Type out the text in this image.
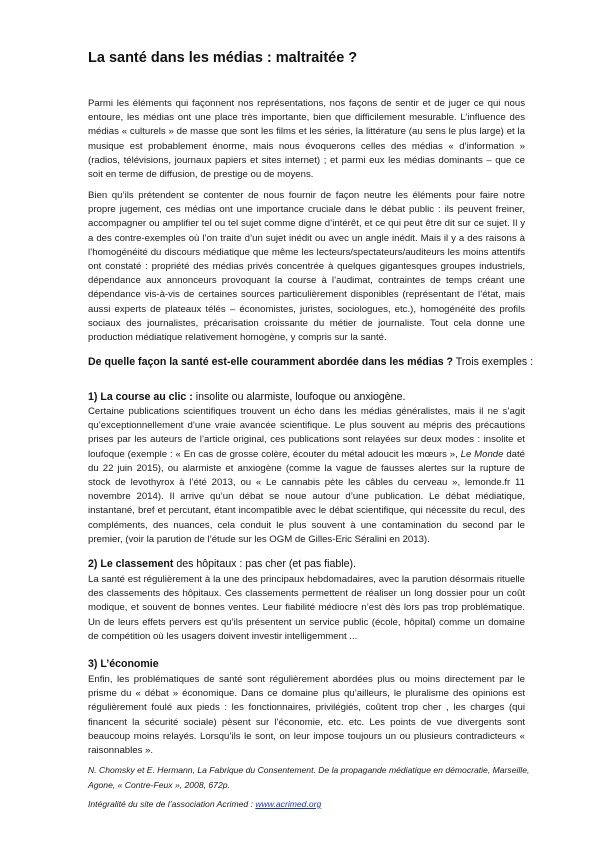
La santé dans les médias : maltraitée ?

Parmi les éléments qui façonnent nos représentations, nos façons de sentir et de juger ce qui nous entoure, les médias ont une place très importante, bien que difficilement mesurable. L’influence des médias « culturels » de masse que sont les films et les séries, la littérature (au sens le plus large) et la musique est probablement énorme, mais nous évoquerons celles des médias « d’information » (radios, télévisions, journaux papiers et sites internet) ; et parmi eux les médias dominants – que ce soit en terme de diffusion, de prestige ou de moyens.

Bien qu’ils prétendent se contenter de nous fournir de façon neutre les éléments pour faire notre propre jugement, ces médias ont une importance cruciale dans le débat public : ils peuvent freiner, accompagner ou amplifier tel ou tel sujet comme digne d’intérêt, et ce qui peut être dit sur ce sujet. Il y a des contre-exemples où l’on traite d’un sujet inédit ou avec un angle inédit. Mais il y a des raisons à l’homogénéité du discours médiatique que même les lecteurs/spectateurs/auditeurs les moins attentifs ont constaté : propriété des médias privés concentrée à quelques gigantesques groupes industriels, dépendance aux annonceurs provoquant la course à l’audimat, contraintes de temps créant une dépendance vis-à-vis de certaines sources particulièrement disponibles (représentant de l’état, mais aussi experts de plateaux télés – économistes, juristes, sociologues, etc.), homogénéité des profils sociaux des journalistes, précarisation croissante du métier de journaliste. Tout cela donne une production médiatique relativement homogène, y compris sur la santé.

De quelle façon la santé est-elle couramment abordée dans les médias ? Trois exemples :

1) La course au clic : insolite ou alarmiste, loufoque ou anxiogène.

Certaine publications scientifiques trouvent un écho dans les médias généralistes, mais il ne s’agit qu’exceptionnellement d’une vraie avancée scientifique. Le plus souvent au mépris des précautions prises par les auteurs de l’article original, ces publications sont relayées sur deux modes : insolite et loufoque (exemple : « En cas de grosse colère, écouter du métal adoucit les mœurs », Le Monde daté du 22 juin 2015), ou alarmiste et anxiogène (comme la vague de fausses alertes sur la rupture de stock de levothyrox à l’été 2013, ou « Le cannabis pète les câbles du cerveau », lemonde.fr 11 novembre 2014). Il arrive qu’un débat se noue autour d’une publication. Le débat médiatique, instantané, bref et percutant, étant incompatible avec le débat scientifique, qui nécessite du recul, des compléments, des nuances, cela conduit le plus souvent à une contamination du second par le premier, (voir la parution de l’étude sur les OGM de Gilles-Eric Séralini en 2013).

2) Le classement des hôpitaux : pas cher (et pas fiable).

La santé est régulièrement à la une des principaux hebdomadaires, avec la parution désormais rituelle des classements des hôpitaux. Ces classements permettent de réaliser un long dossier pour un coût modique, et souvent de bonnes ventes. Leur fiabilité médiocre n’est dès lors pas trop problématique. Un de leurs effets pervers est qu’ils présentent un service public (école, hôpital) comme un domaine de compétition où les usagers doivent investir intelligemment ...

3) L’économie

Enfin, les problématiques de santé sont régulièrement abordées plus ou moins directement par le prisme du « débat » économique. Dans ce domaine plus qu’ailleurs, le pluralisme des opinions est régulièrement foulé aux pieds : les fonctionnaires, privilégiés, coûtent trop cher , les charges (qui financent la sécurité sociale) pèsent sur l’économie, etc. etc. Les points de vue divergents sont beaucoup moins relayés. Lorsqu’ils le sont, on leur impose toujours un ou plusieurs contradicteurs « raisonnables ».

N. Chomsky et E. Hermann, La Fabrique du Consentement. De la propagande médiatique en démocratie, Marseille, Agone, « Contre-Feux », 2008, 672p.

Intégralité du site de l’association Acrimed : www.acrimed.org
